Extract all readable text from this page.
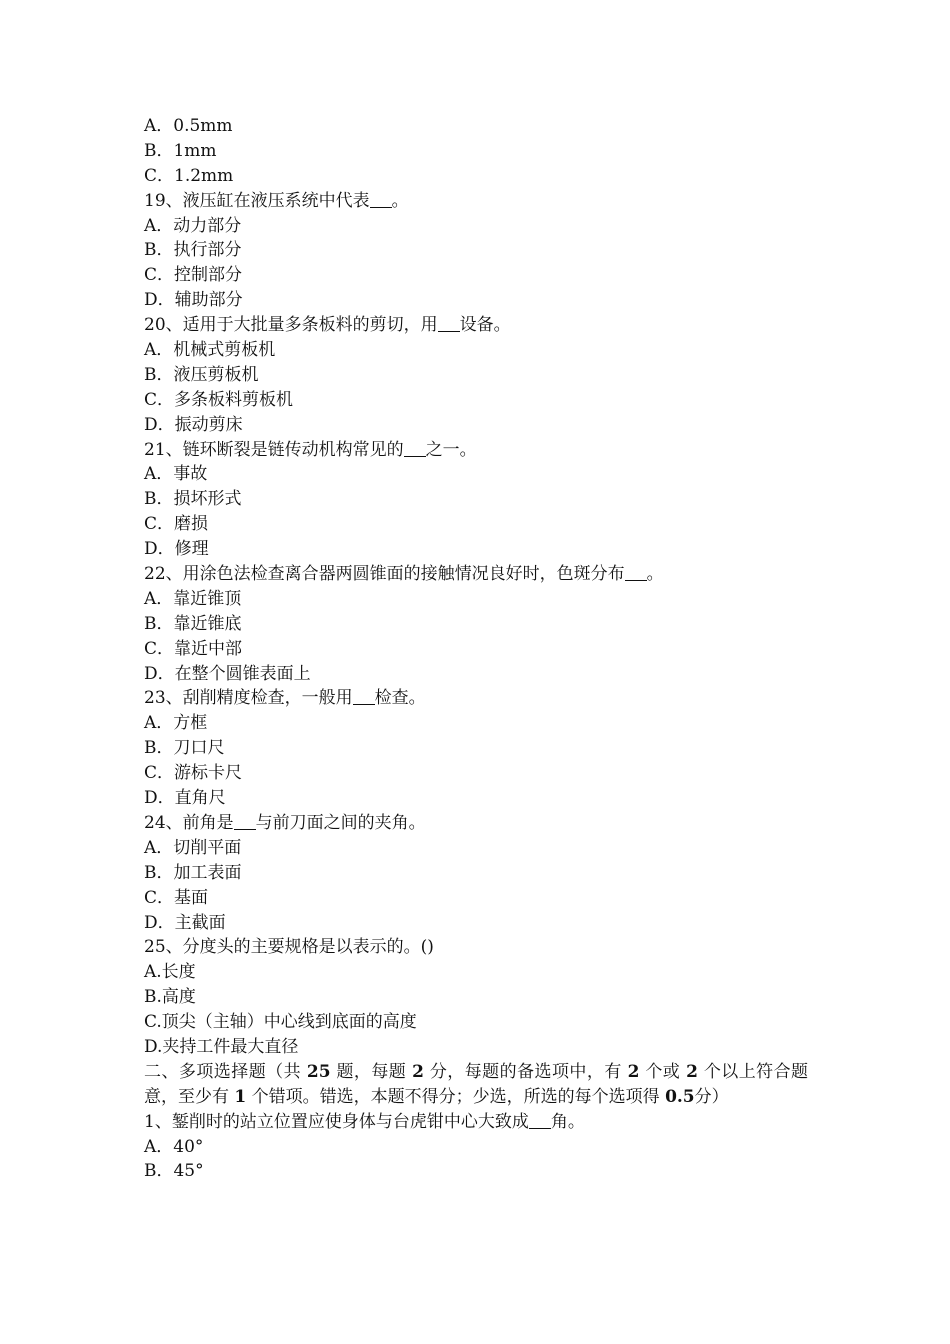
A．0.5mm
B．1mm
C．1.2mm
19、液压缸在液压系统中代表 。
A．动力部分
B．执行部分
C．控制部分
D．辅助部分
20、适用于大批量多条板料的剪切，用 设备。
A．机械式剪板机
B．液压剪板机
C．多条板料剪板机
D．振动剪床
21、链环断裂是链传动机构常见的 之一。
A．事故
B．损坏形式
C．磨损
D．修理
22、用涂色法检查离合器两圆锥面的接触情况良好时，色斑分布 。
A．靠近锥顶
B．靠近锥底
C．靠近中部
D．在整个圆锥表面上
23、刮削精度检查，一般用 检查。
A．方框
B．刀口尺
C．游标卡尺
D．直角尺
24、前角是 与前刀面之间的夹角。
A．切削平面
B．加工表面
C．基面
D．主截面
25、分度头的主要规格是以表示的。()
A.长度
B.高度
C.顶尖（主轴）中心线到底面的高度
D.夹持工件最大直径
二、多项选择题（共 25 题，每题 2 分，每题的备选项中，有 2 个或 2 个以上符合题意，至少有 1 个错项。错选，本题不得分；少选，所选的每个选项得 0.5分）
1、錾削时的站立位置应使身体与台虎钳中心大致成 角。
A．40°
B．45°
